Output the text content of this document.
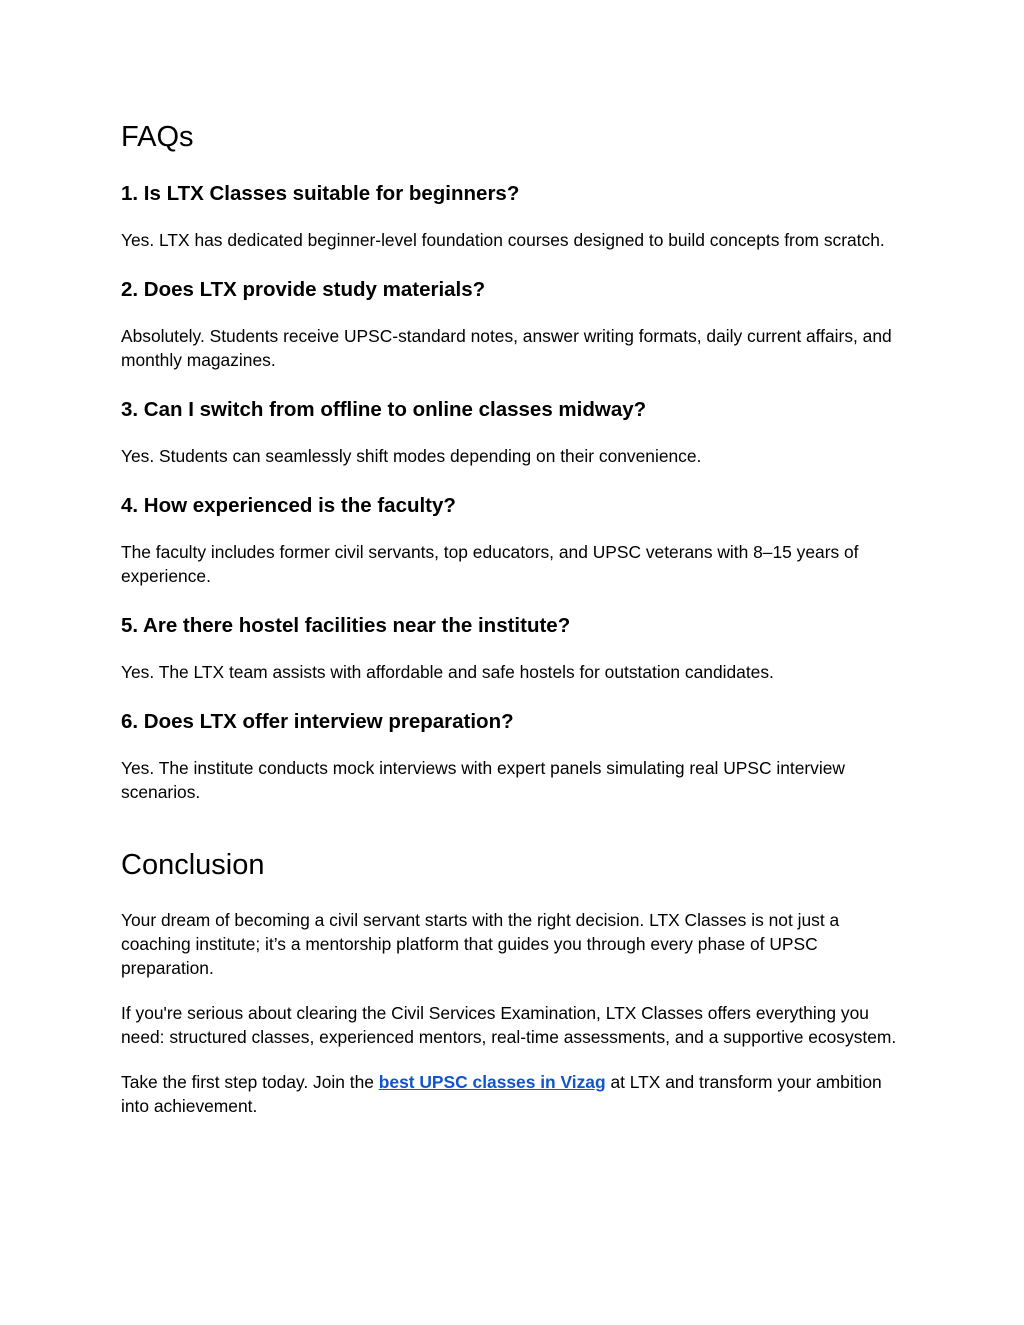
FAQs
1. Is LTX Classes suitable for beginners?

Yes. LTX has dedicated beginner-level foundation courses designed to build concepts from scratch.

2. Does LTX provide study materials?

Absolutely. Students receive UPSC-standard notes, answer writing formats, daily current affairs, and monthly magazines.

3. Can I switch from offline to online classes midway?

Yes. Students can seamlessly shift modes depending on their convenience.

4. How experienced is the faculty?

The faculty includes former civil servants, top educators, and UPSC veterans with 8–15 years of experience.

5. Are there hostel facilities near the institute?

Yes. The LTX team assists with affordable and safe hostels for outstation candidates.

6. Does LTX offer interview preparation?

Yes. The institute conducts mock interviews with expert panels simulating real UPSC interview scenarios.

Conclusion

Your dream of becoming a civil servant starts with the right decision. LTX Classes is not just a coaching institute; it’s a mentorship platform that guides you through every phase of UPSC preparation.

If you're serious about clearing the Civil Services Examination, LTX Classes offers everything you need: structured classes, experienced mentors, real-time assessments, and a supportive ecosystem.

Take the first step today. Join the best UPSC classes in Vizag at LTX and transform your ambition into achievement.
